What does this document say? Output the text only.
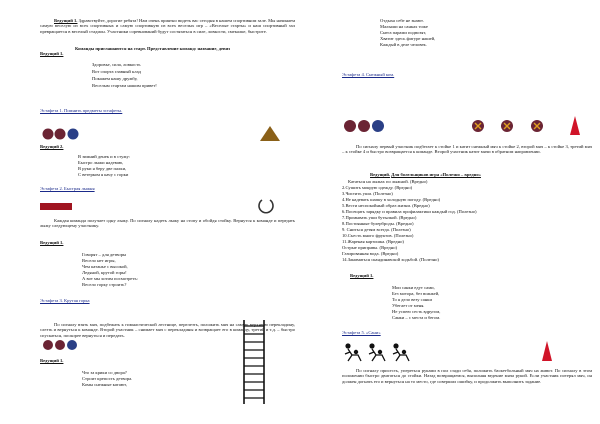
Ведущий 1. Здравствуйте, дорогие ребята! Нам очень приятно видеть вас сегодня в нашем спортивном зале. Мы начинаем самую веселую из всех спортивных и самую спортивную из всех веселых игр – «Веселые старты» и наш спортивный зал превращается в веселый стадион. Участники соревнований будут состязаться в силе, ловкости, смекалке, быстроте.
Команды приглашаются на старт. Представление команд: название, девиз
Ведущий 1.
Здоровье, сила, ловкость
Вот спорта главный клад
Покажем нашу дружбу,
Веселым стартам нашим привет!
Эстафета 1. Помнить предметы эстафеты.
Ведущий 2.
В зимний денек и в стужу:
Быстро лыжи надеваю,
В руки я беру две палки,
С ветерком я качу с горки
Эстафета 2. Быстрая лыжня
Каждая команда получает одну лыжу. По сигналу надеть лыжу на стопу и обойдя стойку. Вернутся к команде и передать лыжу следующему участнику.
Ведущий 1.
Говорят – для детворы
Весело нет игры,
Чем катанье с высокой,
Ледяной, крутой горы!
А вот мы хотим посмотреть:
Весело горку строить?
Эстафета 3. Крутая горка
По сигналу взять мяч, подбежать к гимнастической лестнице, перелезть, положить мяч на самую верхнюю перекладину, слезть и вернуться к команде. Второй участник – снимает мяч с перекладины и возвращает его в команду, третий и т.д. – быстро спускаться, поскорее вернуться и передать.
Ведущий 1.
Что за крики со двора?
Строит крепость детвора.
Комы снежные катают,
Отдыха себе не знают.
Малыши на санках тоже
Снега парами подвозят,
Хватит здесь фигуре нашей,
Каждый в деле человек.
Эстафета 4. Снежный ком.
По сигналу первый участник подбегает к стойке 1 и катит снежный мяч к стойке 2, второй мяч – к стойке 3, третий мяч – к стойке 4 и быстро возвращается к команде. Второй участник катит мячи в обратном направлении.
Ведущий. Для болельщиков игра «Полезно – вредно»
Кататься на лыжах по лыжной. (Вредно)
2.Сушить мокрую одежду. (Вредно)
3.Чистить уши. (Полезно)
4.Не надевать шапку в холодную погоду. (Вредно)
5.Вести неспокойный образ жизни. (Вредно)
6.Посещать зарядку и правила профилактики каждый год. (Полезно)
7.Промывать уши бутылкой. (Вредно)
8.Постоянные булерброды. (Вредно)
9. Сниться детям всегда. (Полезно)
10.Съесть много фруктов. (Полезно)
11.Жареная картошка. (Вредно)
Острые приправы. (Вредно)
Газированная вода. (Вредно)
14.Заниматься скандинавской ходьбой. (Полезно)
Ведущий 1.
Мои санки едут сами,
Без мотора, без вожжей,
То я дело везу санки
Убегает от меня.
Не успею сесть вдругом,
Санки – с места и бегом.
Эстафета 5. «Сани»
По сигналу присесть, упереться руками в пол сзади себя, положить баскетбольный мяч на живот. По сигналу в этом положении быстро двигаться до стойки. Назад возвращаемся, выполняя ведение мяча рукой. Если участник потерял мяч, он должен догнать его и вернуться на то место, где совершил ошибку, и продолжить выполнить задание.
